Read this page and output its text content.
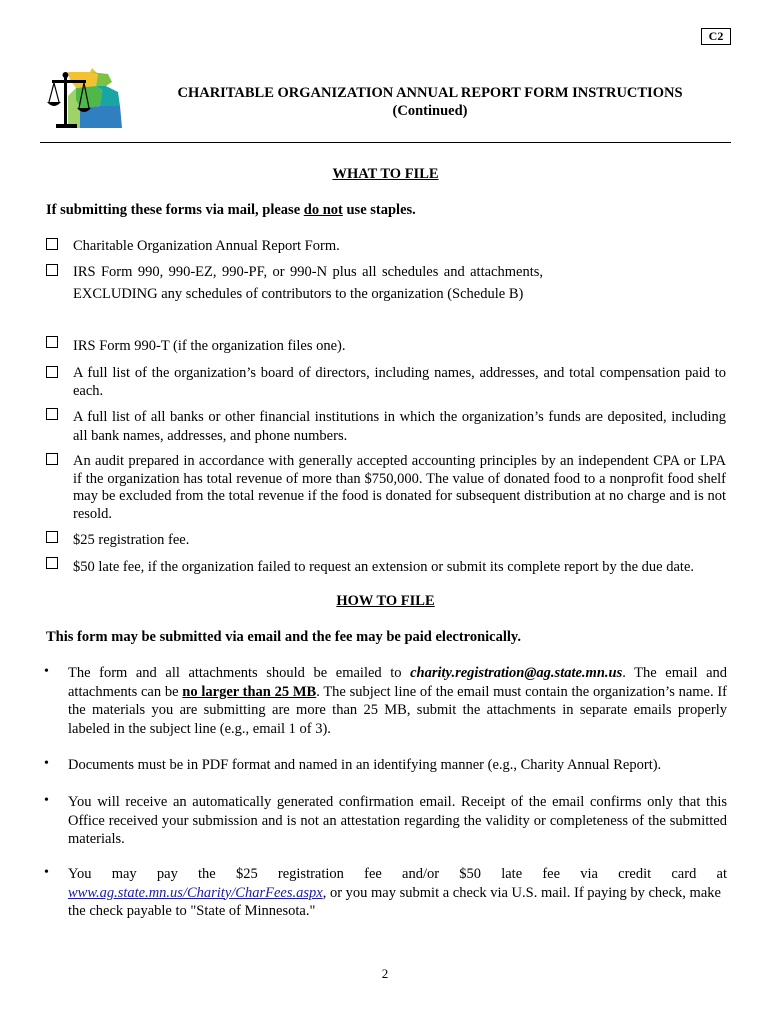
C2
CHARITABLE ORGANIZATION ANNUAL REPORT FORM INSTRUCTIONS
(Continued)
WHAT TO FILE
If submitting these forms via mail, please do not use staples.
Charitable Organization Annual Report Form.
IRS Form 990, 990-EZ, 990-PF, or 990-N plus all schedules and attachments, EXCLUDING any schedules of contributors to the organization (Schedule B)
IRS Form 990-T (if the organization files one).
A full list of the organization’s board of directors, including names, addresses, and total compensation paid to each.
A full list of all banks or other financial institutions in which the organization’s funds are deposited, including all bank names, addresses, and phone numbers.
An audit prepared in accordance with generally accepted accounting principles by an independent CPA or LPA if the organization has total revenue of more than $750,000. The value of donated food to a nonprofit food shelf may be excluded from the total revenue if the food is donated for subsequent distribution at no charge and is not resold.
$25 registration fee.
$50 late fee, if the organization failed to request an extension or submit its complete report by the due date.
HOW TO FILE
This form may be submitted via email and the fee may be paid electronically.
• The form and all attachments should be emailed to charity.registration@ag.state.mn.us. The email and attachments can be no larger than 25 MB. The subject line of the email must contain the organization’s name. If the materials you are submitting are more than 25 MB, submit the attachments in separate emails properly labeled in the subject line (e.g., email 1 of 3).
• Documents must be in PDF format and named in an identifying manner (e.g., Charity Annual Report).
• You will receive an automatically generated confirmation email. Receipt of the email confirms only that this Office received your submission and is not an attestation regarding the validity or completeness of the submitted materials.
• You may pay the $25 registration fee and/or $50 late fee via credit card at
www.ag.state.mn.us/Charity/CharFees.aspx, or you may submit a check via U.S. mail. If paying by check, make the check payable to "State of Minnesota."
2
